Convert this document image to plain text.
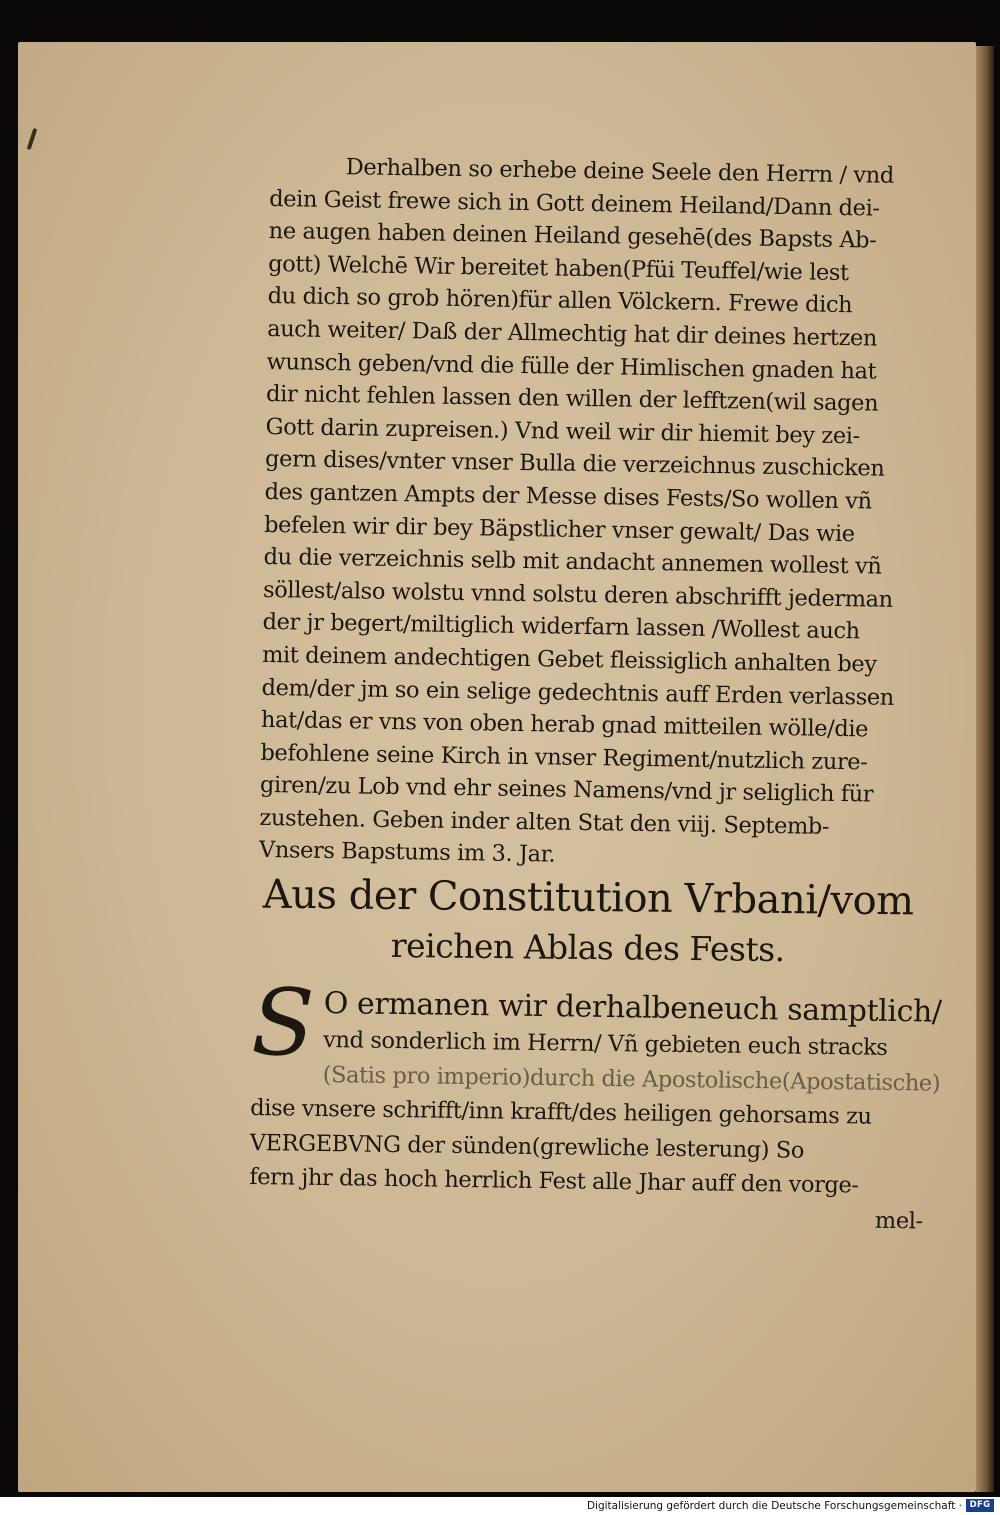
Derhalben so erhebe deine Seele den Herrn / vnd
dein Geist frewe sich in Gott deinem Heiland/Dann dei-
ne augen haben deinen Heiland gesehē(des Bapsts Ab-
gott) Welchē Wir bereitet haben(Pfüi Teuffel/wie lest
du dich so grob hören)für allen Völckern. Frewe dich
auch weiter/ Daß der Allmechtig hat dir deines hertzen
wunsch geben/vnd die fülle der Himlischen gnaden hat
dir nicht fehlen lassen den willen der lefftzen(wil sagen
Gott darin zupreisen.) Vnd weil wir dir hiemit bey zei-
gern dises/vnter vnser Bulla die verzeichnus zuschicken
des gantzen Ampts der Messe dises Fests/So wollen vñ
befelen wir dir bey Bäpstlicher vnser gewalt/ Das wie
du die verzeichnis selb mit andacht annemen wollest vñ
söllest/also wolstu vnnd solstu deren abschrifft jederman
der jr begert/miltiglich widerfarn lassen /Wollest auch
mit deinem andechtigen Gebet fleissiglich anhalten bey
dem/der jm so ein selige gedechtnis auff Erden verlassen
hat/das er vns von oben herab gnad mitteilen wölle/die
befohlene seine Kirch in vnser Regiment/nutzlich zure-
giren/zu Lob vnd ehr seines Namens/vnd jr seliglich für
zustehen. Geben inder alten Stat den viij. Septemb-
Vnsers Bapstums im 3. Jar.
Aus der Constitution Vrbani/vom
reichen Ablas des Fests.
S O ermanen wir derhalbeneuch samptlich/
vnd sonderlich im Herrn/ Vñ gebieten euch stracks
(Satis pro imperio)durch die Apostolische(Apostatische)
dise vnsere schrifft/inn krafft/des heiligen gehorsams zu
VERGEBVNG der sünden(grewliche lesterung) So
fern jhr das hoch herrlich Fest alle Jhar auff den vorge-
mel-
Digitalisierung gefördert durch die Deutsche Forschungsgemeinschaft · DFG
